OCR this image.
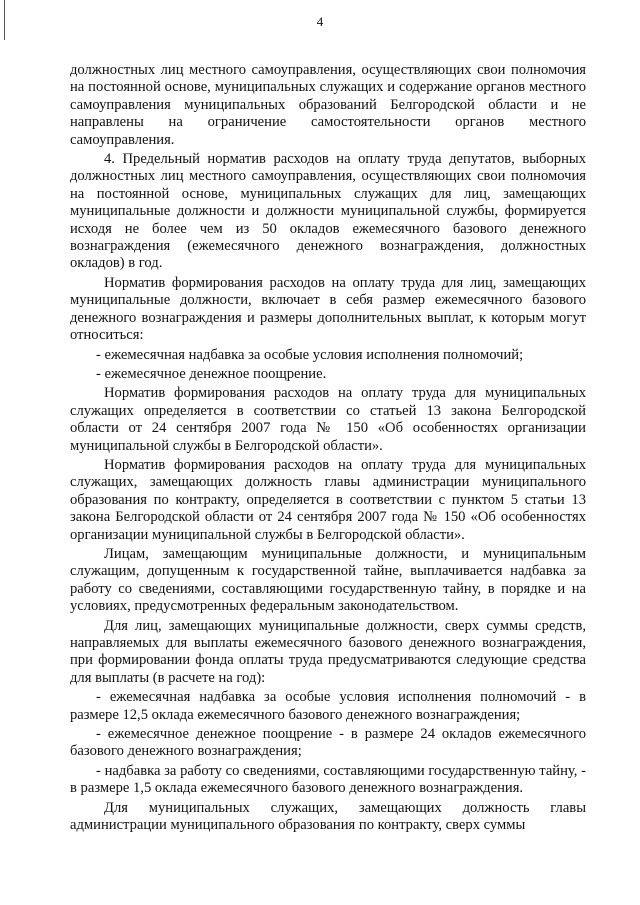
4

должностных лиц местного самоуправления, осуществляющих свои полномочия на постоянной основе, муниципальных служащих и содержание органов местного самоуправления муниципальных образований Белгородской области и не направлены на ограничение самостоятельности органов местного самоуправления.

4. Предельный норматив расходов на оплату труда депутатов, выборных должностных лиц местного самоуправления, осуществляющих свои полномочия на постоянной основе, муниципальных служащих для лиц, замещающих муниципальные должности и должности муниципальной службы, формируется исходя не более чем из 50 окладов ежемесячного базового денежного вознаграждения (ежемесячного денежного вознаграждения, должностных окладов) в год.

Норматив формирования расходов на оплату труда для лиц, замещающих муниципальные должности, включает в себя размер ежемесячного базового денежного вознаграждения и размеры дополнительных выплат, к которым могут относиться:

- ежемесячная надбавка за особые условия исполнения полномочий;

- ежемесячное денежное поощрение.

Норматив формирования расходов на оплату труда для муниципальных служащих определяется в соответствии со статьей 13 закона Белгородской области от 24 сентября 2007 года № 150 «Об особенностях организации муниципальной службы в Белгородской области».

Норматив формирования расходов на оплату труда для муниципальных служащих, замещающих должность главы администрации муниципального образования по контракту, определяется в соответствии с пунктом 5 статьи 13 закона Белгородской области от 24 сентября 2007 года № 150 «Об особенностях организации муниципальной службы в Белгородской области».

Лицам, замещающим муниципальные должности, и муниципальным служащим, допущенным к государственной тайне, выплачивается надбавка за работу со сведениями, составляющими государственную тайну, в порядке и на условиях, предусмотренных федеральным законодательством.

Для лиц, замещающих муниципальные должности, сверх суммы средств, направляемых для выплаты ежемесячного базового денежного вознаграждения, при формировании фонда оплаты труда предусматриваются следующие средства для выплаты (в расчете на год):

- ежемесячная надбавка за особые условия исполнения полномочий - в размере 12,5 оклада ежемесячного базового денежного вознаграждения;

- ежемесячное денежное поощрение - в размере 24 окладов ежемесячного базового денежного вознаграждения;

- надбавка за работу со сведениями, составляющими государственную тайну, - в размере 1,5 оклада ежемесячного базового денежного вознаграждения.

Для муниципальных служащих, замещающих должность главы администрации муниципального образования по контракту, сверх суммы
